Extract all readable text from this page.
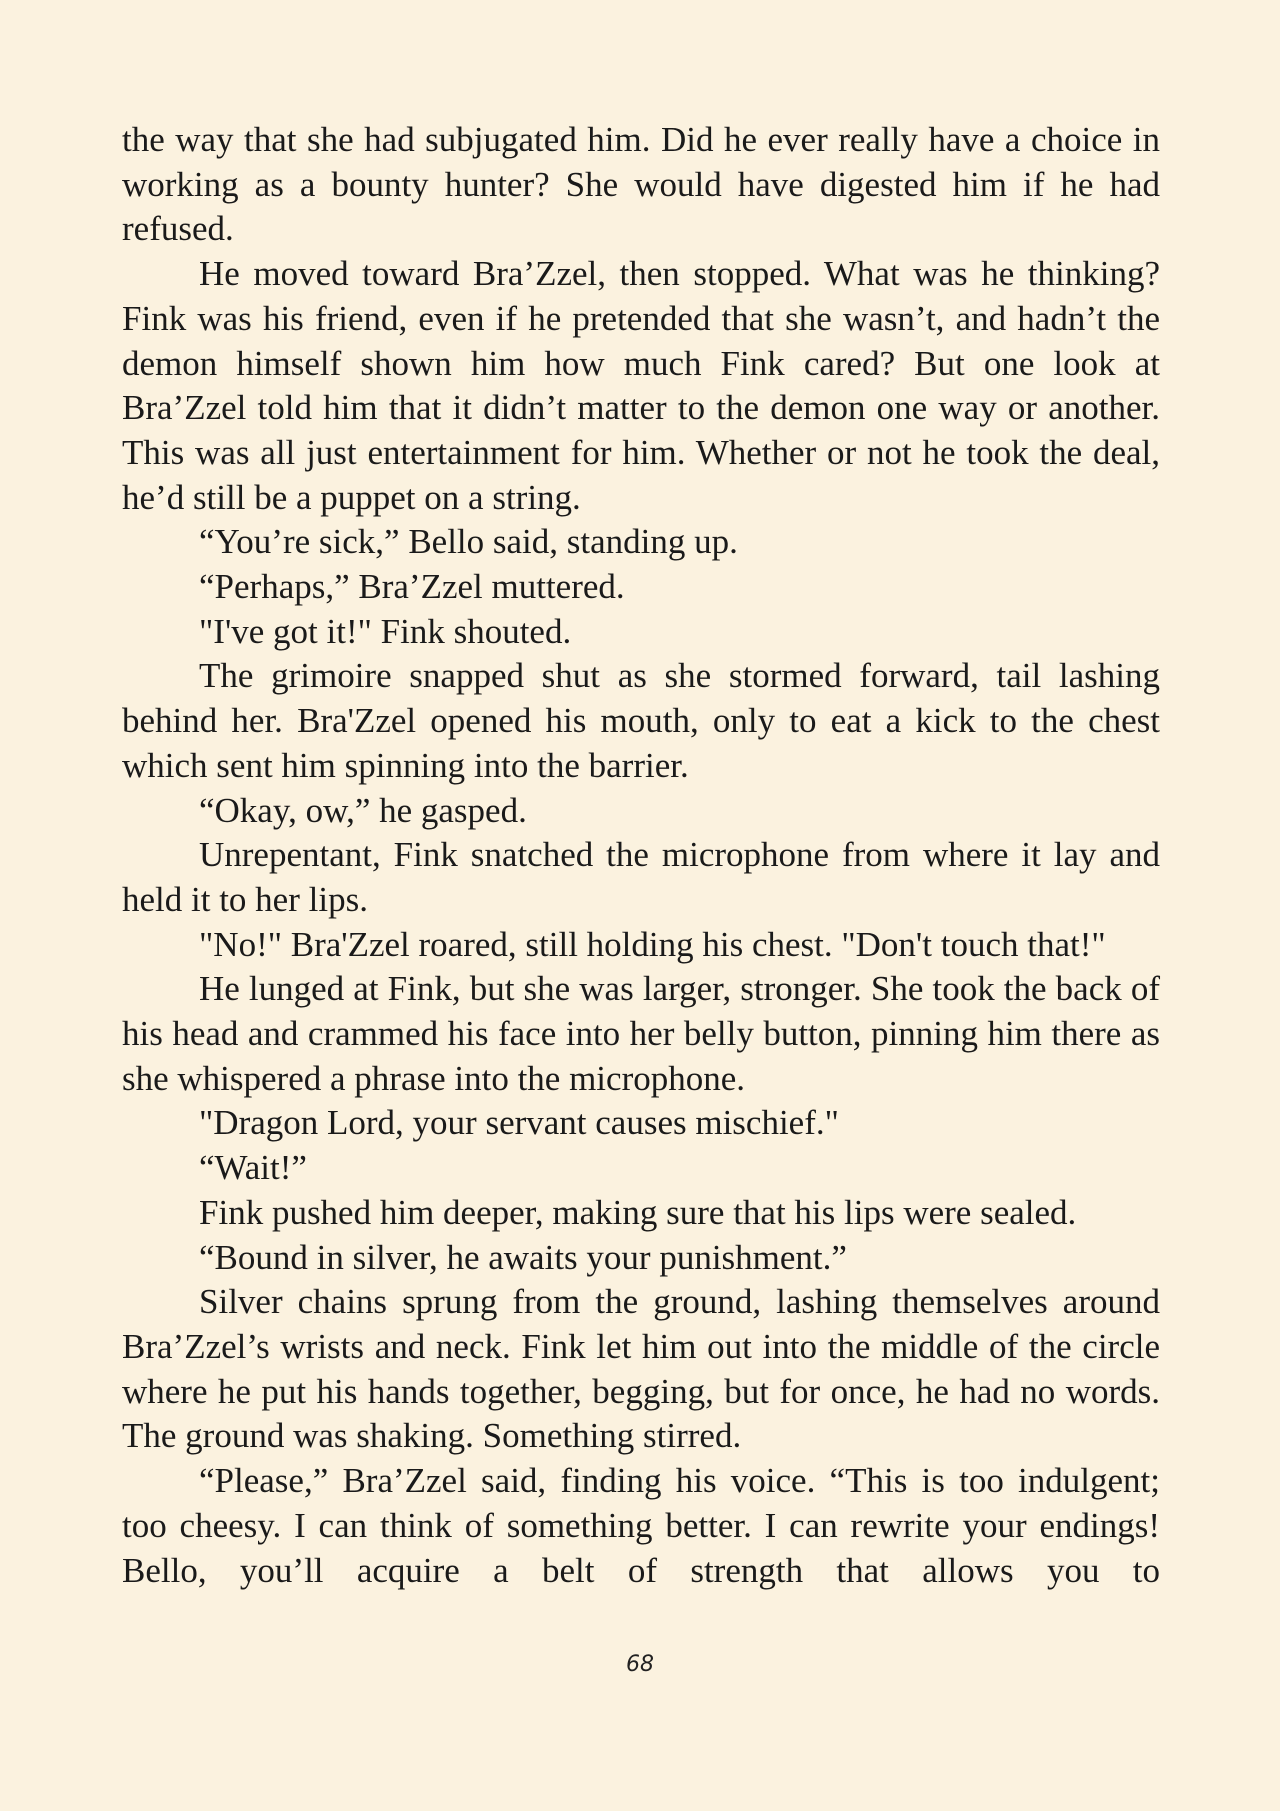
the way that she had subjugated him. Did he ever really have a choice in working as a bounty hunter? She would have digested him if he had refused.

He moved toward Bra’Zzel, then stopped. What was he thinking? Fink was his friend, even if he pretended that she wasn’t, and hadn’t the demon himself shown him how much Fink cared? But one look at Bra’Zzel told him that it didn’t matter to the demon one way or another. This was all just entertainment for him. Whether or not he took the deal, he’d still be a puppet on a string.

“You’re sick,” Bello said, standing up.

“Perhaps,” Bra’Zzel muttered.

"I've got it!" Fink shouted.

The grimoire snapped shut as she stormed forward, tail lashing behind her. Bra'Zzel opened his mouth, only to eat a kick to the chest which sent him spinning into the barrier.

“Okay, ow,” he gasped.

Unrepentant, Fink snatched the microphone from where it lay and held it to her lips.

"No!" Bra'Zzel roared, still holding his chest. "Don't touch that!"

He lunged at Fink, but she was larger, stronger. She took the back of his head and crammed his face into her belly button, pinning him there as she whispered a phrase into the microphone.

"Dragon Lord, your servant causes mischief."

“Wait!”

Fink pushed him deeper, making sure that his lips were sealed.

“Bound in silver, he awaits your punishment.”

Silver chains sprung from the ground, lashing themselves around Bra’Zzel’s wrists and neck. Fink let him out into the middle of the circle where he put his hands together, begging, but for once, he had no words. The ground was shaking. Something stirred.

“Please,” Bra’Zzel said, finding his voice. “This is too indulgent; too cheesy. I can think of something better. I can rewrite your endings! Bello, you’ll acquire a belt of strength that allows you to

68
